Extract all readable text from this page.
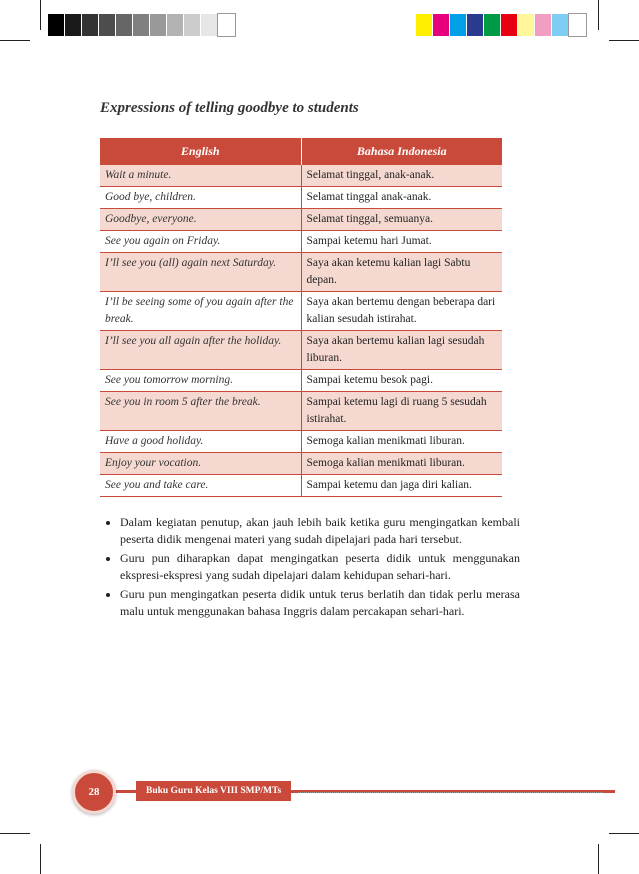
Expressions of telling goodbye to students
English	Bahasa Indonesia
Wait a minute.	Selamat tinggal, anak-anak.
Good bye, children.	Selamat tinggal anak-anak.
Goodbye, everyone.	Selamat tinggal, semuanya.
See you again on Friday.	Sampai ketemu hari Jumat.
I’ll see you (all) again next Saturday.	Saya akan ketemu kalian lagi Sabtu depan.
I’ll be seeing some of you again after the break.	Saya akan bertemu dengan beberapa dari kalian sesudah istirahat.
I’ll see you all again after the holiday.	Saya akan bertemu kalian lagi sesudah liburan.
See you tomorrow morning.	Sampai ketemu besok pagi.
See you in room 5 after the break.	Sampai ketemu lagi di ruang 5 sesudah istirahat.
Have a good holiday.	Semoga kalian menikmati liburan.
Enjoy your vocation.	Semoga kalian menikmati liburan.
See you and take care.	Sampai ketemu dan jaga diri kalian.
• Dalam kegiatan penutup, akan jauh lebih baik ketika guru mengingatkan kembali peserta didik mengenai materi yang sudah dipelajari pada hari tersebut.
• Guru pun diharapkan dapat mengingatkan peserta didik untuk menggunakan ekspresi-ekspresi yang sudah dipelajari dalam kehidupan sehari-hari.
• Guru pun mengingatkan peserta didik untuk terus berlatih dan tidak perlu merasa malu untuk menggunakan bahasa Inggris dalam percakapan sehari-hari.
Buku Guru Kelas VIII SMP/MTs
28
